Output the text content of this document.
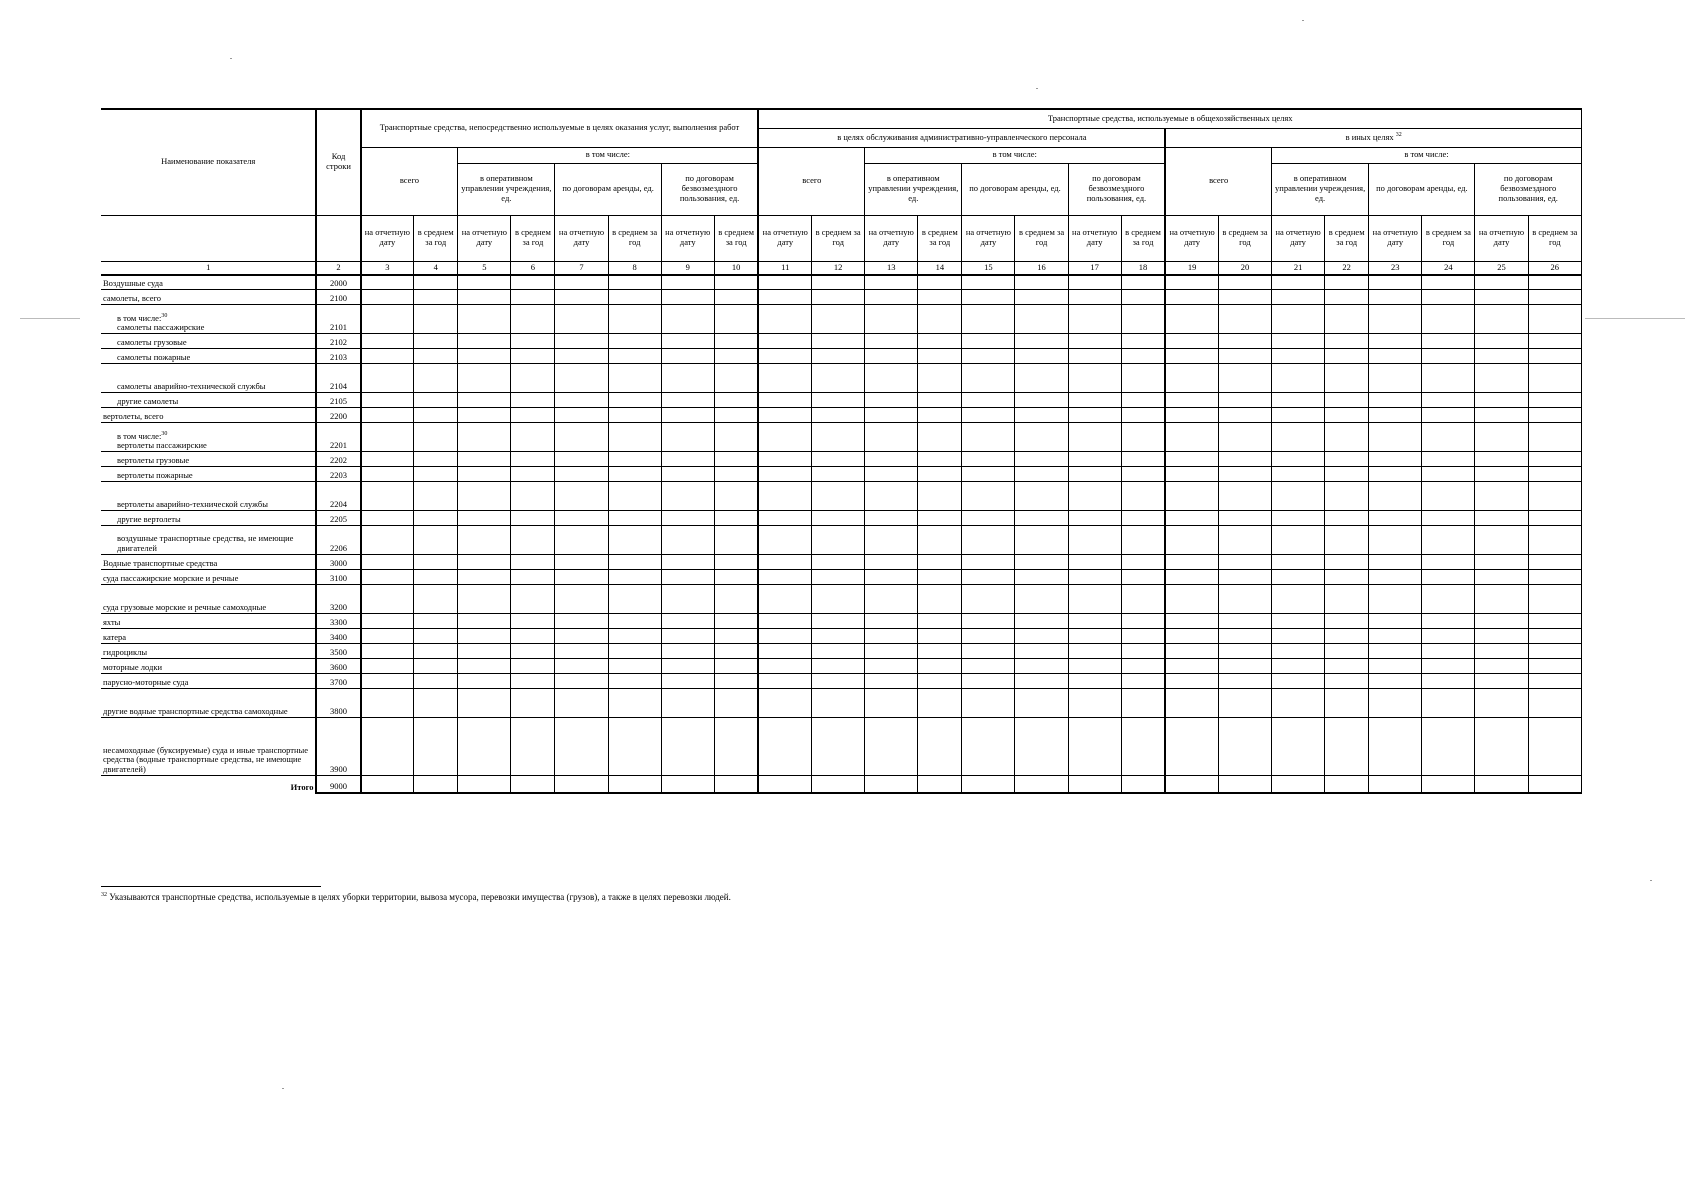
Наименование показателя	Код строки	Транспортные средства, непосредственно используемые в целях оказания услуг, выполнения работ								Транспортные средства, используемые в общехозяйственных целях															
										в целях обслуживания административно-управленческого персонала								в иных целях $^{32}$
		всего		в том числе:						всего		в том числе:						всего		в том числе:					
				в оперативном управлении учреждения, ед.		по договорам аренды, ед.		по договорам безвозмездного пользования, ед.				в оперативном управлении учреждения, ед.		по договорам аренды, ед.		по договорам безвозмездного пользования, ед.				в оперативном управлении учреждения, ед.		по договорам аренды, ед.		по договорам безвозмездного пользования, ед.	
		на отчетную дату	в среднем за год	на отчетную дату	в среднем за год	на отчетную дату	в среднем за год	на отчетную дату	в среднем за год	на отчетную дату	в среднем за год	на отчетную дату	в среднем за год	на отчетную дату	в среднем за год	на отчетную дату	в среднем за год	на отчетную дату	в среднем за год	на отчетную дату	в среднем за год	на отчетную дату	в среднем за год	на отчетную дату	в среднем за год
1	2	3	4	5	6	7	8	9	10	11	12	13	14	15	16	17	18	19	20	21	22	23	24	25	26
Воздушные суда	2000																								
самолеты, всего	2100																								

в том числе:$^{30}$
самолеты пассажирские	2101																								
самолеты грузовые	2102																								
самолеты пожарные	2103																								
самолеты аварийно-технической службы	2104																								
другие самолеты	2105																								
вертолеты, всего	2200																								

в том числе:$^{30}$
вертолеты пассажирские	2201																								
вертолеты грузовые	2202																								
вертолеты пожарные	2203																								
вертолеты аварийно-технической службы	2204																								
другие вертолеты	2205																								
воздушные транспортные средства, не имеющие двигателей	2206																								
Водные транспортные средства	3000																								
суда пассажирские морские и речные	3100																								
суда грузовые морские и речные самоходные	3200																								
яхты	3300																								
катера	3400																								
гидроциклы	3500																								
моторные лодки	3600																								
парусно-моторные суда	3700																								
другие водные транспортные средства самоходные	3800																								
несамоходные (буксируемые) суда и иные транспортные средства (водные транспортные средства, не имеющие двигателей)	3900																								
Итого	9000																								
$^{32}$ Указываются транспортные средства, используемые в целях уборки территории, вывоза мусора, перевозки имущества (грузов), а также в целях перевозки людей.
